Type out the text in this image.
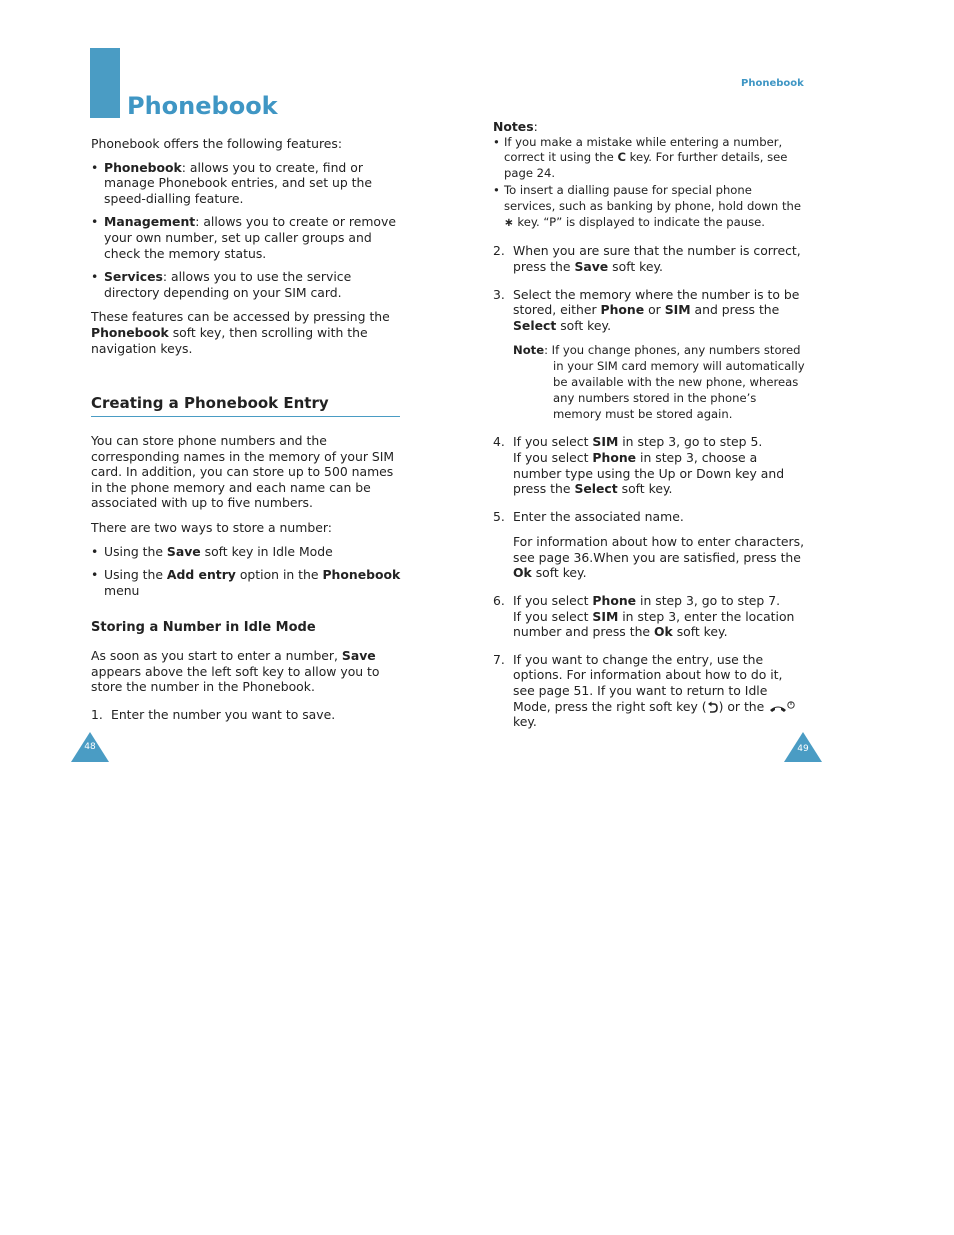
Phonebook
Phonebook

Phonebook offers the following features:

• Phonebook: allows you to create, find or manage Phonebook entries, and set up the speed-dialling feature.
• Management: allows you to create or remove your own number, set up caller groups and check the memory status.
• Services: allows you to use the service directory depending on your SIM card.

These features can be accessed by pressing the Phonebook soft key, then scrolling with the navigation keys.

Creating a Phonebook Entry

You can store phone numbers and the corresponding names in the memory of your SIM card. In addition, you can store up to 500 names in the phone memory and each name can be associated with up to five numbers.

There are two ways to store a number:

• Using the Save soft key in Idle Mode
• Using the Add entry option in the Phonebook menu

Storing a Number in Idle Mode

As soon as you start to enter a number, Save appears above the left soft key to allow you to store the number in the Phonebook.

1. Enter the number you want to save.
48

Notes:

• If you make a mistake while entering a number, correct it using the C key. For further details, see page 24.
• To insert a dialling pause for special phone services, such as banking by phone, hold down the ∗ key. “P” is displayed to indicate the pause.
2. When you are sure that the number is correct, press the Save soft key.
3. Select the memory where the number is to be stored, either Phone or SIM and press the Select soft key.
Note: If you change phones, any numbers stored in your SIM card memory will automatically be available with the new phone, whereas any numbers stored in the phone’s memory must be stored again.
4. If you select SIM in step 3, go to step 5.
If you select Phone in step 3, choose a number type using the Up or Down key and press the Select soft key.
5. Enter the associated name.
For information about how to enter characters, see page 36.When you are satisfied, press the Ok soft key.
6. If you select Phone in step 3, go to step 7.
If you select SIM in step 3, enter the location number and press the Ok soft key.
7. If you want to change the entry, use the options. For information about how to do it, see page 51. If you want to return to Idle Mode, press the right soft key ( ) or the  key.
49
